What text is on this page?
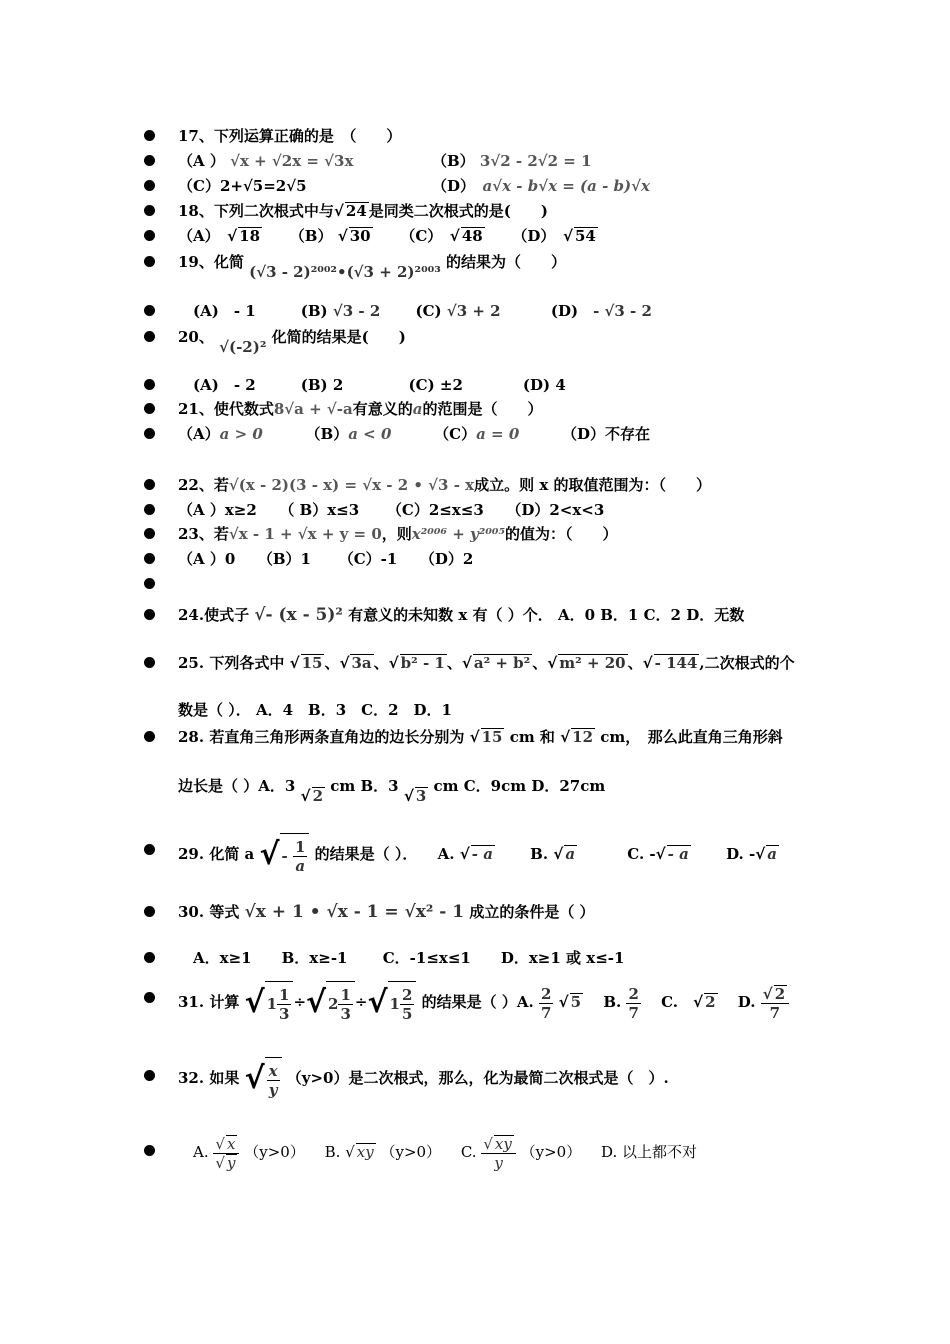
17、下列运算正确的是　（　　）
（A ） √x + √2x = √3x	（B） 3√2 - 2√2 = 1
（C）2+√5=2√5	（D）　 a√x - b√x = (a - b)√x
18、下列二次根式中与√ 24 是同类二次根式的是(　　)
（A）　 √ 18 　　 （B） √ 30 　　 （C）　 √ 48 　　 （D）　 √ 54
19、化简 (√3 - 2)²⁰⁰²•(√3 + 2)²⁰⁰³ 的结果为（　　）
　(A)　- 1　　　	(B) √3 - 2 　　 (C) √3 + 2 　　　	(D)　 - √3 - 2
20、 √(-2)² 化简的结果是(　　)
　(A)　- 2　　　	(B) 2 　　　　	(C) ±2　　　　	(D) 4
21、使代数式8√a + √-a有意义的a的范围是（　　）
（A）a > 0 　　　	（B）a < 0 　　　	（C）a = 0 　　　	（D）不存在
22、若√(x - 2)(3 - x) = √x - 2 • √3 - x成立。则 x 的取值范围为：（　　）
（A ）x≥2　　 （ B）x≤3 　　 （C）2≤x≤3　　 （D）2<x<3
23、若√x - 1 + √x + y = 0，则x²⁰⁰⁶ + y²⁰⁰⁵的值为：（　　）
（A ）0　　 （B）1 　　 （C）-1　　 （D）2
24.使式子 √- (x - 5)² 有意义的未知数 x 有（ ）个． A．0 B．1 C．2 D．无数
25. 下列各式中 √ 15 、√ 3a 、√ b² - 1 、√ a² + b² 、√ m² + 20 、√ - 144 ,二次根式的个
数是（ ）． A．4　B．3　C．2　D．1
28. 若直角三角形两条直角边的边长分别为 √ 15 cm 和 √ 12 cm，　那么此直角三角形斜
边长是（ ）A．3 √ 2 cm B．3 √ 3 cm C．9cm D．27cm
29. 化简 a √ - $\frac{1}{a}$ 的结果是（ ）． 　 A. √ - a 　　 B. √ a 　　　	C. -√ - a 　　 D. -√ a
30. 等式 √x + 1 • √x - 1 = √x² - 1 成立的条件是（ ）
　A．x≥1　　 B．x≥-1 　　 C．-1≤x≤1　　 D．x≥1 或 x≤-1
31. 计算 √ $1 \frac{1}{3}$ ÷√ $2 \frac{1}{3}$ ÷√ $1 \frac{2}{5}$ 的结果是（ ）A. $\frac{2}{7}$ √ 5 　 B. $\frac{2}{7}$
　 C.　 √ 2 　 D. $\frac{√ 2}{7}$
32. 如果 √ $\frac{x}{y} (y>0)$是二次根式，那么，化为最简二次根式是（　）.
　A. $\frac{√ x}{√ y} (y>0)$ 　 B. √ xy （y>0） 　 C. $\frac{√ xy}{y} (y>0)$ 　 D. 以上都不对
